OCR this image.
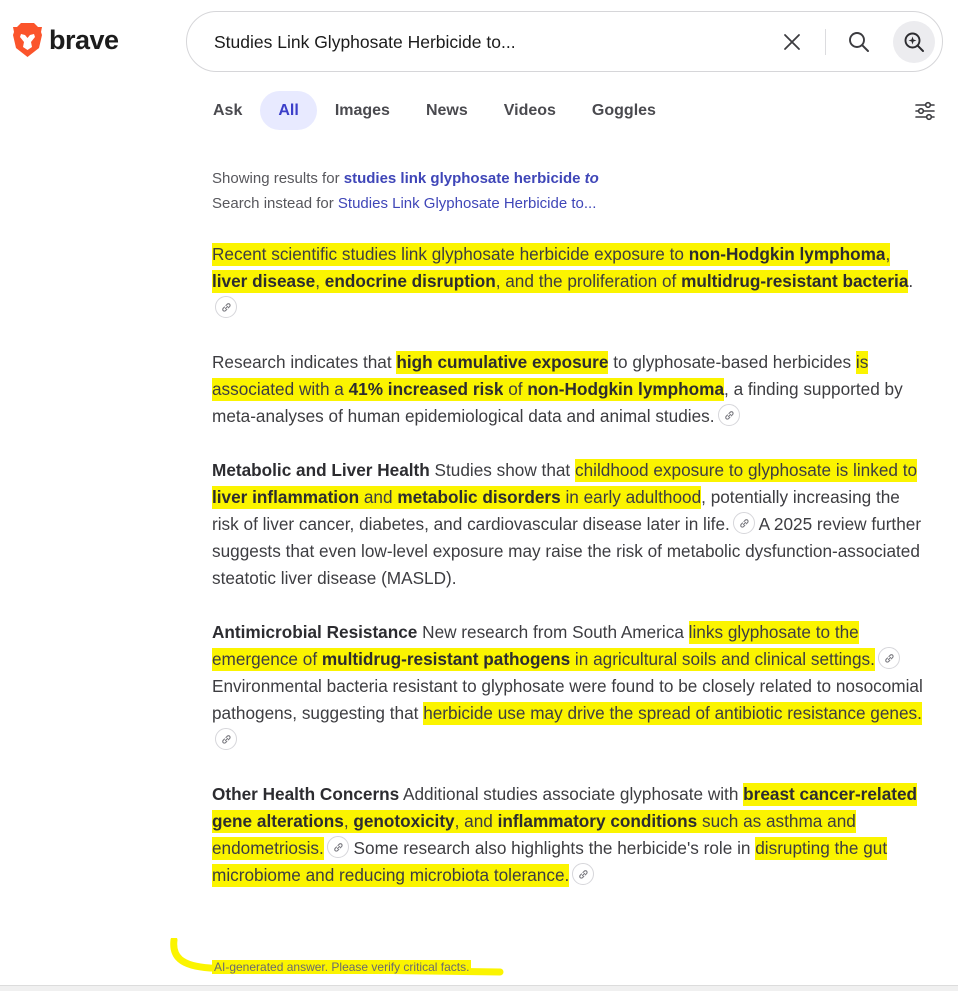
brave	Studies Link Glyphosate Herbicide to...
Ask	All	Images	News	Videos	Goggles
Showing results for studies link glyphosate herbicide to
Search instead for Studies Link Glyphosate Herbicide to...

Recent scientific studies link glyphosate herbicide exposure to non-Hodgkin lymphoma, liver disease, endocrine disruption, and the proliferation of multidrug-resistant bacteria.

Research indicates that high cumulative exposure to glyphosate-based herbicides is associated with a 41% increased risk of non-Hodgkin lymphoma, a finding supported by meta-analyses of human epidemiological data and animal studies.

Metabolic and Liver Health Studies show that childhood exposure to glyphosate is linked to liver inflammation and metabolic disorders in early adulthood, potentially increasing the risk of liver cancer, diabetes, and cardiovascular disease later in life.
A 2025 review further suggests that even low-level exposure may raise the risk of metabolic dysfunction-associated steatotic liver disease (MASLD).

Antimicrobial Resistance New research from South America links glyphosate to the emergence of multidrug-resistant pathogens in agricultural soils and clinical settings.
Environmental bacteria resistant to glyphosate were found to be closely related to nosocomial pathogens, suggesting that herbicide use may drive the spread of antibiotic resistance genes.

Other Health Concerns Additional studies associate glyphosate with breast cancer-related gene alterations, genotoxicity, and inflammatory conditions such as asthma and endometriosis.
Some research also highlights the herbicide's role in disrupting the gut microbiome and reducing microbiota tolerance.

AI-generated answer. Please verify critical facts.
